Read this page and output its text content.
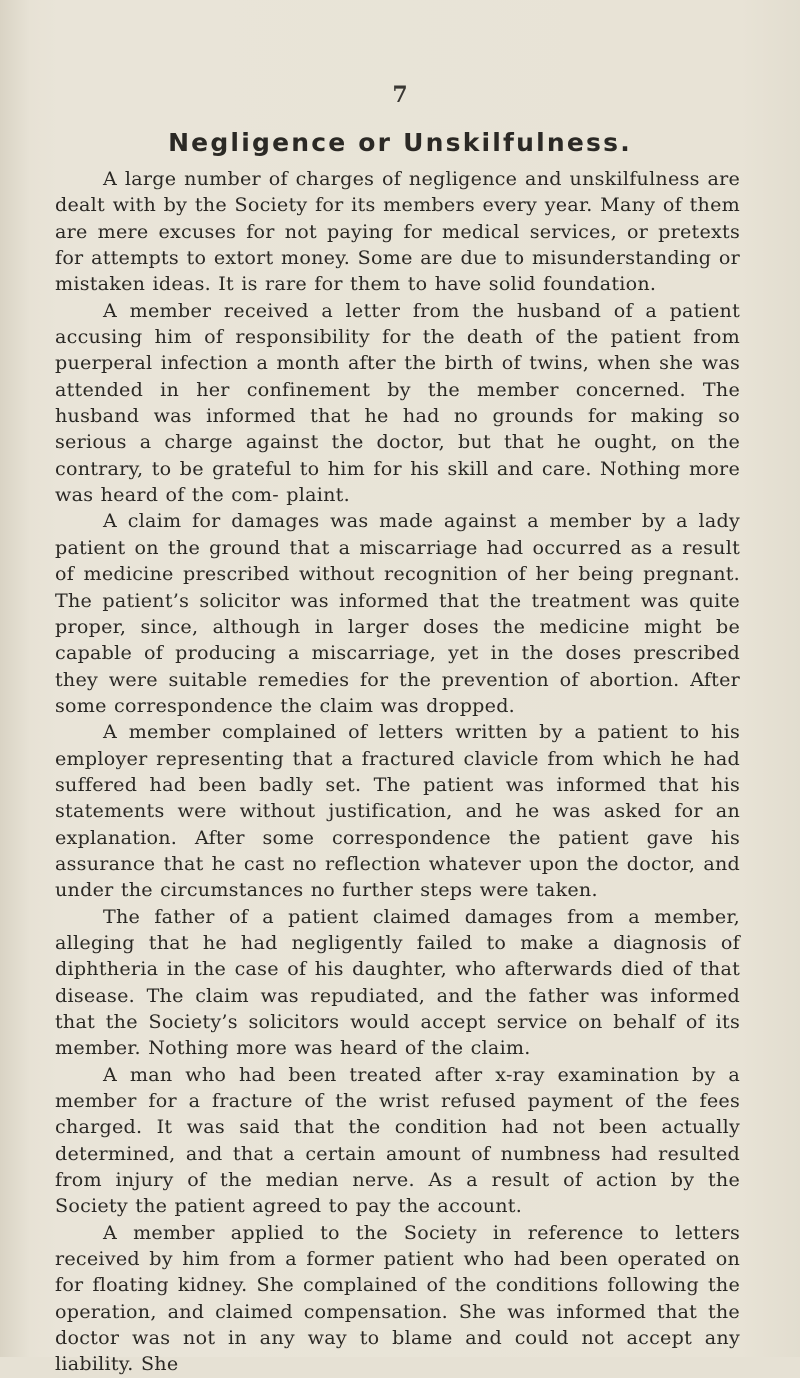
7
Negligence or Unskilfulness.

A large number of charges of negligence and unskilfulness are dealt with by the Society for its members every year. Many of them are mere excuses for not paying for medical services, or pretexts for attempts to extort money. Some are due to misunderstanding or mistaken ideas. It is rare for them to have solid foundation.

A member received a letter from the husband of a patient accusing him of responsibility for the death of the patient from puerperal infection a month after the birth of twins, when she was attended in her confinement by the member concerned. The husband was informed that he had no grounds for making so serious a charge against the doctor, but that he ought, on the contrary, to be grateful to him for his skill and care. Nothing more was heard of the com- plaint.

A claim for damages was made against a member by a lady patient on the ground that a miscarriage had occurred as a result of medicine prescribed without recognition of her being pregnant. The patient’s solicitor was informed that the treatment was quite proper, since, although in larger doses the medicine might be capable of producing a miscarriage, yet in the doses prescribed they were suitable remedies for the prevention of abortion. After some correspondence the claim was dropped.

A member complained of letters written by a patient to his employer representing that a fractured clavicle from which he had suffered had been badly set. The patient was informed that his statements were without justification, and he was asked for an explanation. After some correspondence the patient gave his assurance that he cast no reflection whatever upon the doctor, and under the circumstances no further steps were taken.

The father of a patient claimed damages from a member, alleging that he had negligently failed to make a diagnosis of diphtheria in the case of his daughter, who afterwards died of that disease. The claim was repudiated, and the father was informed that the Society’s solicitors would accept service on behalf of its member. Nothing more was heard of the claim.

A man who had been treated after x-ray examination by a member for a fracture of the wrist refused payment of the fees charged. It was said that the condition had not been actually determined, and that a certain amount of numbness had resulted from injury of the median nerve. As a result of action by the Society the patient agreed to pay the account.

A member applied to the Society in reference to letters received by him from a former patient who had been operated on for floating kidney. She complained of the conditions following the operation, and claimed compensation. She was informed that the doctor was not in any way to blame and could not accept any liability. She
